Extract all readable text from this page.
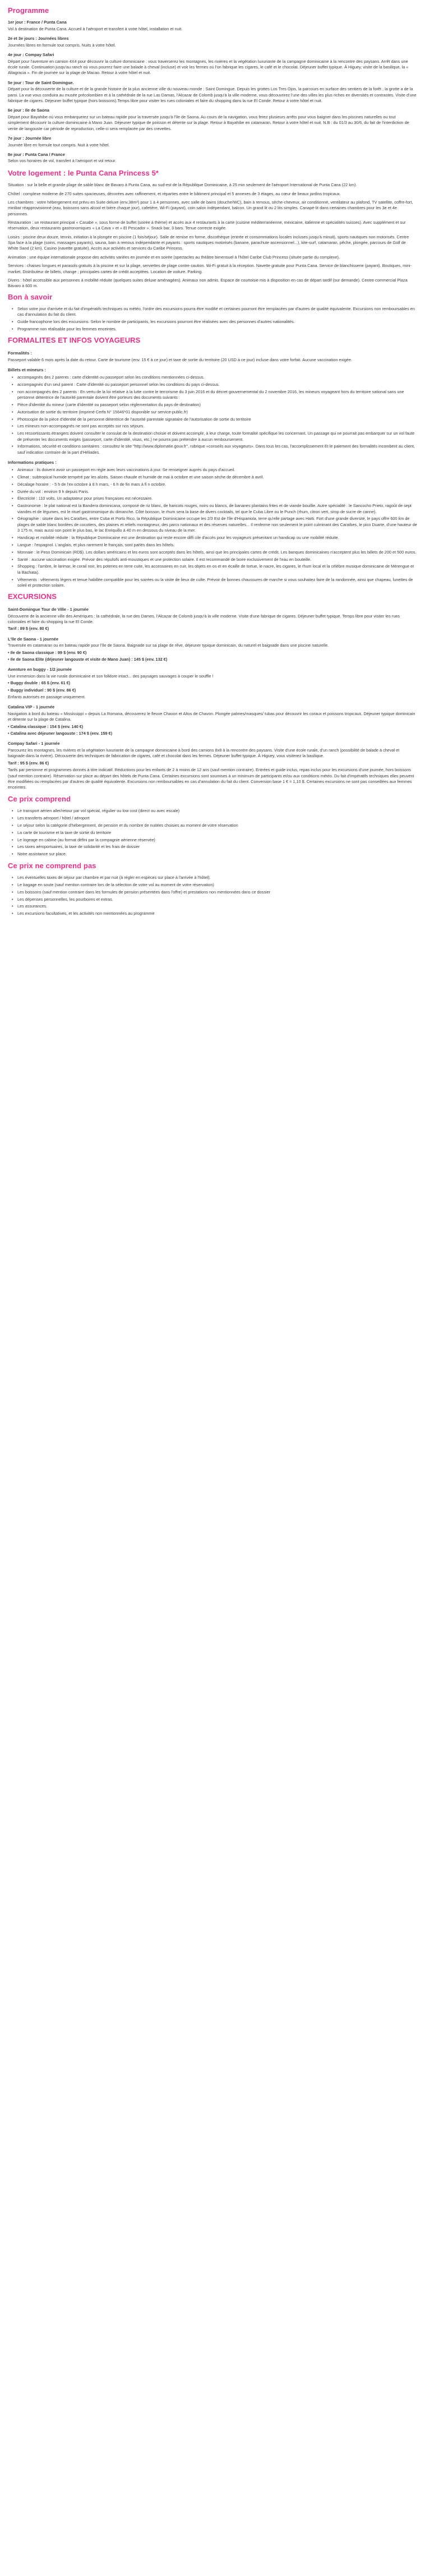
Programme

1er jour : France / Punta Cana

Vol à destination de Punta Cana. Accueil à l'aéroport et transfert à votre hôtel, installation et nuit.

2e et 3e jours : Journées libres

Journées libres en formule tout compris. Nuits à votre hôtel.

4e jour : Compay Safari

Départ pour l'aventure en camion 4X4 pour découvrir la culture dominicaine : vous traverserez les montagnes, les rivières et la végétation luxuriante de la campagne dominicaine à la rencontre des paysans. Arrêt dans une école rurale. Continuation jusqu'au ranch où vous pourrez faire une balade à cheval (incluse) et voir les fermes où l'on fabrique les cigares, le café et le chocolat. Déjeuner buffet typique. À Higuey, visite de la basilique, la « Altagracia ». Fin de journée sur la plage de Macao. Retour à votre hôtel et nuit.

5e jour : Tour de Saint Domingue.

Départ pour la découverte de la culture et de la grande histoire de la plus ancienne ville du nouveau monde : Saint Domingue. Depuis les grottes Los Tres Ojos, la parcours en surface des sentiers de la forêt ; la grotte a de la paroi. La vue vous conduira au musée précolombien et à la cathédrale de la rue Las Damas, l'Alcazar de Colomb jusqu'à la ville moderne, vous découvrirez l'une des villes les plus riches en diversités et contrastes. Visite d'une fabrique de cigares. Déjeuner buffet typique (hors boissons).Temps libre pour visiter les rues coloniales et faire du shopping dans la rue El Conde. Retour à votre hôtel et nuit.

6e jour : Ile de Saona

Départ pour Bayahibe où vous embarquerez sur un bateau rapide pour la traversée jusqu'à l'île de Saona. Au cours de la navigation, vous ferez plusieurs arrêts pour vous baigner dans les piscines naturelles ou tout simplement découvrir la culture dominicaine à Mano Juan. Déjeuner typique de poisson et détente sur la plage. Retour à Bayahibe en catamaran. Retour à votre hôtel et nuit. N.B : du 01/3 au 30/6, du fait de l'interdiction de vente de langouste car période de reproduction, celle-ci sera remplacée par des crevettes.

7e jour : Journée libre

Journée libre en formule tout compris. Nuit à votre hôtel.

8e jour : Punta Cana / France

Selon vos horaires de vol, transfert à l'aéroport et vol retour.

Votre logement : le Punta Cana Princess 5*

Situation : sur la belle et grande plage de sable blanc de Bavaro à Punta Cana, au sud-est de la République Dominicaine, à 25 min seulement de l'aéroport International de Punta Cana (22 km).

Chôtel : complexe moderne de 270 suites spacieuses, décorées avec raffinement, et réparties entre le bâtiment principal et 5 annexes de 3 étages, au cœur de beaux jardins tropicaux.

Les chambres : votre hébergement est prévu en Suite deluxe (env.38m²) pour 1 à 4 personnes, avec salle de bains (douche/WC), bain à remous, sèche-cheveux, air conditionné, ventilateur au plafond, TV satellite, coffre-fort, minibar réapprovisionné (eau, boissons sans alcool et bière chaque jour), cafetière, Wi-Fi (payant), coin salon indépendant, balcon. Un grand lit ou 2 lits simples. Canapé-lit dans certaines chambres pour les 3e et 4e personnes.

Restauration : un restaurant principal « Casabe », sous forme de buffet (soirée à thème) et accès aux 4 restaurants à la carte (cuisine méditerranéenne, mexicaine, italienne et spécialités suisses). Avec supplément et sur réservation, deux restaurants gastronomiques « La Cava » et « El Pescador ». Snack bar, 3 bars. Tenue correcte exigée.

Loisirs : piscine deux douze, tennis, initiation à la plongée en piscine (1 fois/séjour). Salle de remise en forme, discothèque (entrée et consommations locales incluses jusqu'à minuit), sports nautiques non motorisés. Centre Spa face à la plage (soins, massages payants), sauna, bain à remous indépendante et payants : sports nautiques motorisés (banane, parachute ascensionnel...), kite-surf, catamaran, pêche, plongée, parcours de Golf de White Sand (2 km). Casino (navette gratuite). Accès aux activités et services du Caribe Princess.

Animation : une équipe internationale propose des activités variées en journée et en soirée (spectacles au théâtre bimensuel à l'hôtel Caribe Club Princess (située partie du complexe).

Services : chaises longues et parasols gratuits à la piscine et sur la plage, serviettes de plage contre caution. Wi-Fi gratuit à la réception. Navette gratuite pour Punta Cana. Service de blanchisserie (payant). Boutiques, mini-market. Distributeur de billets, change ; principales cartes de crédit acceptées. Location de voiture. Parking.

Divers : hôtel accessible aux personnes à mobilité réduite (quelques suites deluxe aménagées). Animaux non admis. Espace de courtoisie mis à disposition en cas de départ tardif (sur demande). Centre commercial Plaza Bávaro à 600 m.

Bon à savoir
• Selon votre jour d'arrivée et du fait d'impératifs techniques ou météo, l'ordre des excursions pourra être modifié et certaines pourront être remplacées par d'autres de qualité équivalente. Excursions non remboursables en cas d'annulation du fait du client.
• Guide francophone lors des excursions. Selon le nombre de participants, les excursions pourront être réalisées avec des personnes d'autres nationalités.
• Programme non réalisable pour les femmes enceintes.
FORMALITES ET INFOS VOYAGEURS
Formalités :

Passeport valable 6 mois après la date du retour. Carte de tourisme (env. 15 € à ce jour) et taxe de sortie du territoire (20 USD à ce jour) incluse dans votre forfait. Aucune vaccination exigée.

Billets et mineurs :
• accompagnés des 2 parents : carte d'identité ou passeport selon les conditions mentionnées ci-dessus.
• accompagnés d'un seul parent : Carte d'identité ou passeport personnel selon les conditions du pays ci-dessus.
• non accompagnés des 2 parents : En vertu de la loi relative à la lutte contre le terrorisme du 3 juin 2016 et du décret gouvernemental du 2 novembre 2016, les mineurs voyageant hors du territoire national sans une personne détentrice de l'autorité parentale doivent être porteurs des documents suivants :
• Pièce d'identité du mineur (carte d'identité ou passeport selon réglementation du pays de destination)
• Autorisation de sortie du territoire (imprimé Cerfa N° 15646*01 disponible sur service-public.fr)
• Photocopie de la pièce d'identité de la personne détentrice de l'autorité parentale signataire de l'autorisation de sortie du territoire
• Les mineurs non-accompagnés ne sont pas acceptés sur nos séjours.
• Les ressortissants étrangers doivent consulter le consulat de la destination choisie et doivent accomplir, à leur charge, toute formalité spécifique les concernant. Un passage qui ne pourrait pas embarquer sur un vol faute de présenter les documents exigés (passeport, carte d'identité, visas, etc.) ne pourra pas prétendre à aucun remboursement.
• Informations, sécurité et conditions sanitaires : consultez le site "http://www.diplomatie.gouv.fr", rubrique «conseils aux voyageurs». Dans tous les cas, l'accomplissement Et le paiement des formalités incombent au client, sauf indication contraire de la part d'Héliades.
Informations pratiques :
• Animaux : ils doivent avoir un passeport en règle avec leurs vaccinations à jour. Se renseigner auprès du pays d'accueil.
• Climat : subtropical humide tempéré par les alizés. Saison chaude et humide de mai à octobre et une saison sèche de décembre à avril.
• Décalage horaire : - 5 h de l'ex octobre à 8 h mars, - 6 h de fin mars à fi n octobre.
• Durée du vol : environ 9 h depuis Paris.
• Électricité : 110 volts. Un adaptateur pour prises françaises est nécessaire.
• Gastronomie : le plat national est la Bandera dominicana, composé de riz blanc, de haricots rouges, noirs ou blancs, de bananes plantains frites et de viande bouillie. Autre spécialité : le Sancocho Prieto, ragoût de sept viandes et de légumes, est le rituel gastronomique du dimanche. Côté boisson, le rhum sera la base de divers cocktails, tel que le Cuba Libre ou le Punch (rhum, citron vert, sirop de sucre de canne).
• Géographie : située dans les Caraïbes, entre Cuba et Porto Rico, la République Dominicaine occupe les 2/3 Est de l'île d'Hispaniola, terre qu'elle partage avec Haïti. Fort d'une grande diversité, le pays offre 600 km de plages de sable blanc bordées de cocotiers, des plaines et reliefs montagneux, des parcs nationaux et des réserves naturelles... Il renferme non seulement le point culminant des Caraïbes, le pico Duarte, d'une hauteur de 3 175 m, mais aussi son point le plus bas, le lac Enriquillo à 40 m en dessous du niveau de la mer.
• Handicap et mobilité réduite : la République Dominicaine est une destination qui reste encore diffi cile d'accès pour les voyageurs présentant un handicap ou une mobilité réduite.
• Langue : l'espagnol. L'anglais, et plus rarement le français, sont parlés dans les hôtels.
• Monnaie : le Peso Dominicain (RD$). Les dollars américains et les euros sont acceptés dans les hôtels, ainsi que les principales cartes de crédit. Les banques dominicaines n'acceptent plus les billets de 200 et 500 euros.
• Santé : aucune vaccination exigée. Prévoir des répulsifs anti-moustiques et une protection solaire. Il est recommandé de boire exclusivement de l'eau en bouteille.
• Shopping : l'ambre, le larimar, le corail noir, les poteries en terre cuite, les accessoires en cuir, les objets en os et en écaille de tortue, le nacre, les cigares, le rhum local et la célèbre musique dominicaine de Mérengue et la Bachata).
• Vêtements : vêtements légers et tenue habillée compatible pour les soirées ou la visite de lieux de culte. Prévoir de bonnes chaussures de marche si vous souhaitez faire de la randonnée, ainsi que chapeau, lunettes de soleil et protection solaire.
EXCURSIONS

Saint-Domingue Tour de Ville - 1 journée

Découverte de la ancienne ville des Amériques : la cathédrale, la rue des Dames, l'Alcazar de Colomb jusqu'à la ville moderne. Visite d'une fabrique de cigares. Déjeuner buffet typique. Temps libre pour visiter les rues coloniales et faire du shopping la rue El Conde.

Tarif : 89 $ (env. 80 €)

L'île de Saona - 1 journée

Traversée en catamaran ou en bateau rapide pour l'île de Saona. Baignade sur sa plage de rêve, déjeuner typique dominicain, du naturel et baignade dans une piscine naturelle.

• Ile de Saona classique : 99 $ (env. 90 €)

• Ile de Saona Elite (déjeuner langouste et visite de Mano Juan) : 145 $ (env. 132 €)

Aventure en buggy - 1/2 journée

Une immersion dans la vie rurale dominicaine et son folklore intact... des paysages sauvages à couper le souffle !

• Buggy double : 65 $ (env. 61 €)

• Buggy individuel : 90 $ (env. 86 €)

Enfants autorisés en passage uniquement.

Catalina VIP - 1 journée

Navigation à bord du bateau « Mississippi » depuis La Romana, découverez le fleuve Chavon et Altos de Chavon. Plongée palmes/masques/ tubas pour découvrir les coraux et poissons tropicaux. Déjeuner typique dominicain et détente sur la plage de Catalina.

• Catalina classique : 154 $ (env. 140 €)

• Catalina avec déjeuner langouste : 174 $ (env. 159 €)

Compay Safari - 1 journée

Parcourez les montagnes, les rivières et la végétation luxuriante de la campagne dominicaine à bord des camions 8x8 à la rencontre des paysans. Visite d'une école rurale, d'un ranch (possibilité de balade à cheval et baignade dans la rivière). Découverte des techniques de fabrication de cigares, café et chocolat dans les fermes. Déjeuner buffet typique. À Higuey, vous visiterez la basilique.

Tarif : 95 $ (env. 86 €)

Tarifs par personne et programmes donnés à titre indicatif. Réductions pour les enfants de 2 à moins de 12 ans (sauf mention contraire). Entrées et guide inclus, repas inclus pour les excursions d'une journée, hors boissons (sauf mention contraire). Réservation sur place au départ des hôtels de Punta Cana. Certaines excursions sont soumises à un minimum de participants et/ou aux conditions météo. Du fait d'impératifs techniques elles peuvent être modifiées ou remplacées par d'autres de qualité équivalente. Excursions non remboursables en cas d'annulation du fait du client. Conversion base 1 € = 1,10 $. Certaines excursions ne sont pas conseillées aux femmes enceintes.

Ce prix comprend
• Le transport aérien aller/retour par vol spécial, régulier ou low cost (direct ou avec escale)
• Les transferts aéroport / hôtel / aéroport
• Le séjour selon la catégorie d'hébergement, de pension et du nombre de nuitées choisies au moment de votre réservation
• La carte de tourisme et la taxe de sortie du territoire
• Le logeage en cabine (au format défini par la compagnie aérienne réservée)
• Les taxes aéroportuaires, la taxe de solidarité et les frais de dossier
• Notre assistance sur place.
Ce prix ne comprend pas
• Les éventuelles taxes de séjour par chambre et par nuit (à régler en espèces sur place à l'arrivée à l'hôtel).
• Le bagage en soute (sauf mention contraire lors de la sélection de votre vol au moment de votre réservation)
• Les boissons (sauf mention contraire dans les formules de pension présentées dans l'offre) et prestations non mentionnées dans ce dossier
• Les dépenses personnelles, les pourboires et extras.
• Les assurances.
• Les excursions facultatives, et les activités non mentionnées au programme
